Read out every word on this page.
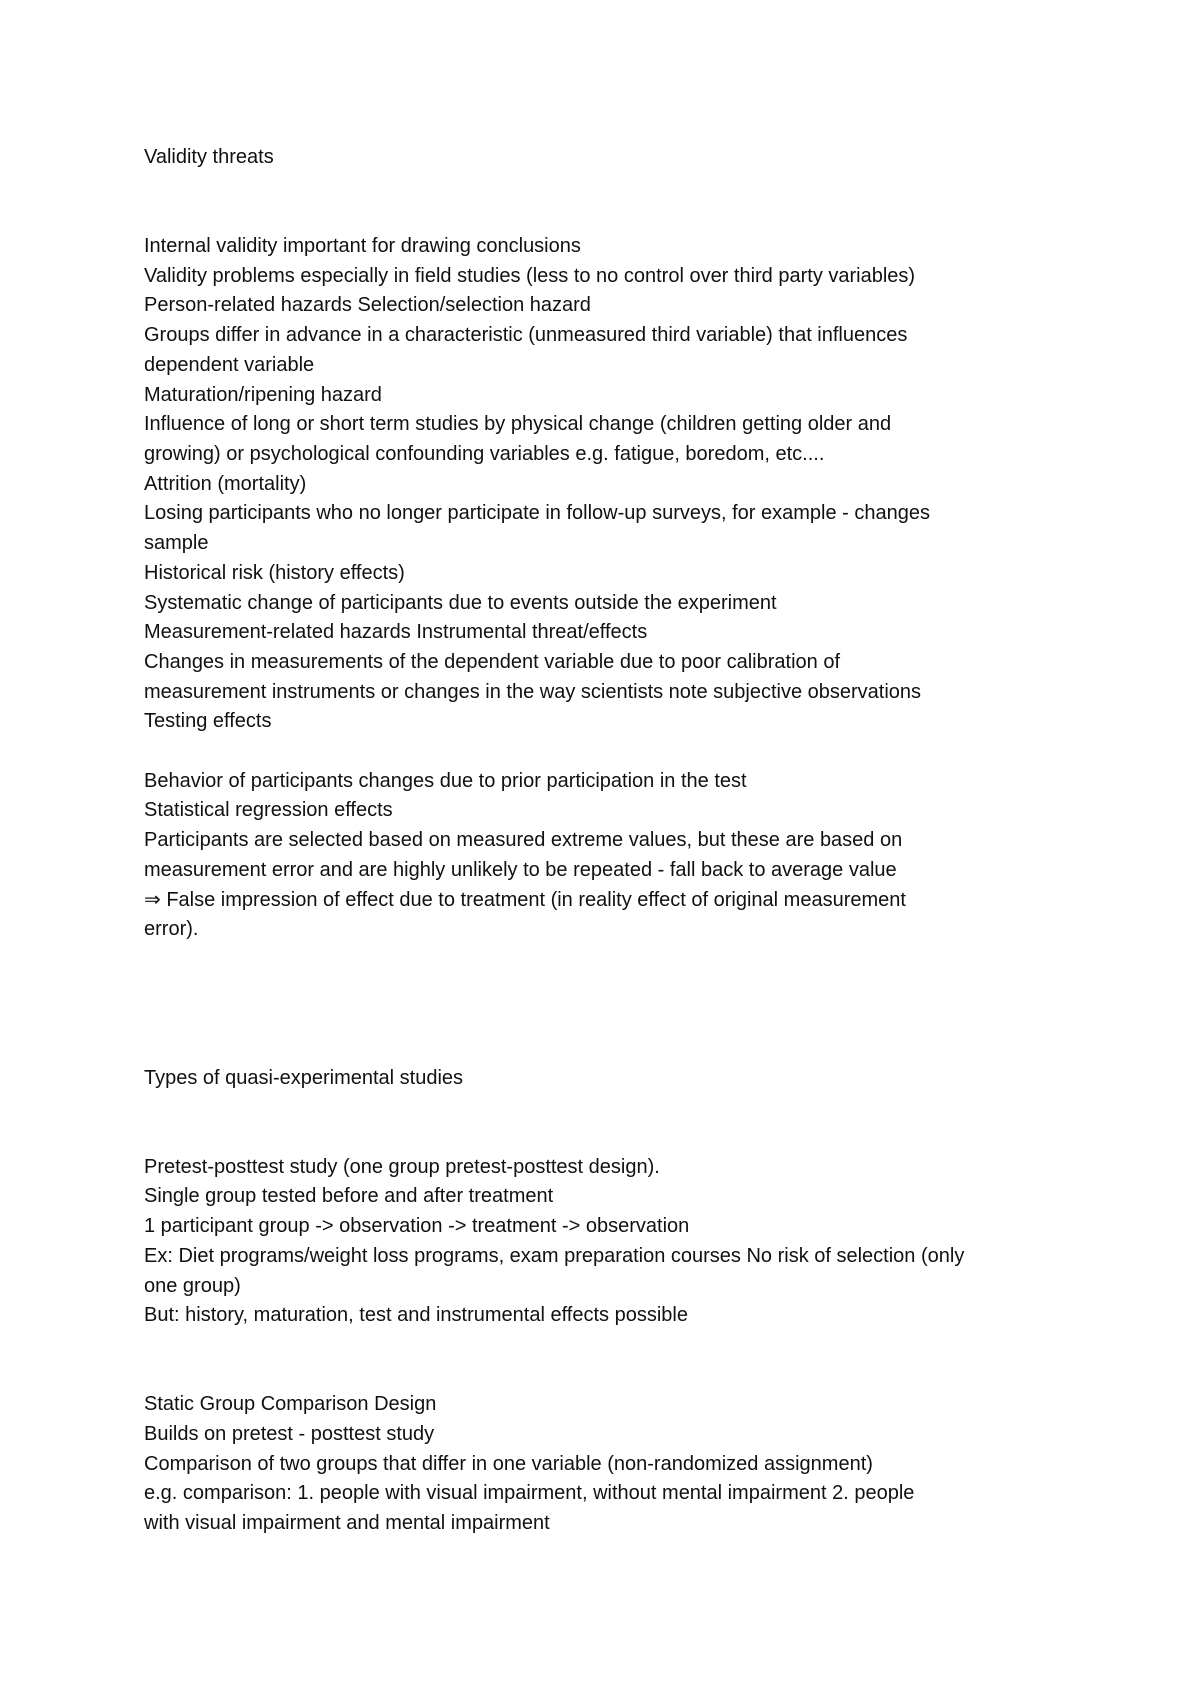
Validity threats
Internal validity important for drawing conclusions
Validity problems especially in field studies (less to no control over third party variables)
Person-related hazards Selection/selection hazard
Groups differ in advance in a characteristic (unmeasured third variable) that influences
dependent variable
Maturation/ripening hazard
Influence of long or short term studies by physical change (children getting older and
growing) or psychological confounding variables e.g. fatigue, boredom, etc....
Attrition (mortality)
Losing participants who no longer participate in follow-up surveys, for example - changes
sample
Historical risk (history effects)
Systematic change of participants due to events outside the experiment
Measurement-related hazards Instrumental threat/effects
Changes in measurements of the dependent variable due to poor calibration of
measurement instruments or changes in the way scientists note subjective observations
Testing effects
Behavior of participants changes due to prior participation in the test
Statistical regression effects
Participants are selected based on measured extreme values, but these are based on
measurement error and are highly unlikely to be repeated - fall back to average value
⇒ False impression of effect due to treatment (in reality effect of original measurement
error).
Types of quasi-experimental studies
Pretest-posttest study (one group pretest-posttest design).
Single group tested before and after treatment
1 participant group -> observation -> treatment -> observation
Ex: Diet programs/weight loss programs, exam preparation courses No risk of selection (only
one group)
But: history, maturation, test and instrumental effects possible
Static Group Comparison Design
Builds on pretest - posttest study
Comparison of two groups that differ in one variable (non-randomized assignment)
e.g. comparison: 1. people with visual impairment, without mental impairment 2. people
with visual impairment and mental impairment
